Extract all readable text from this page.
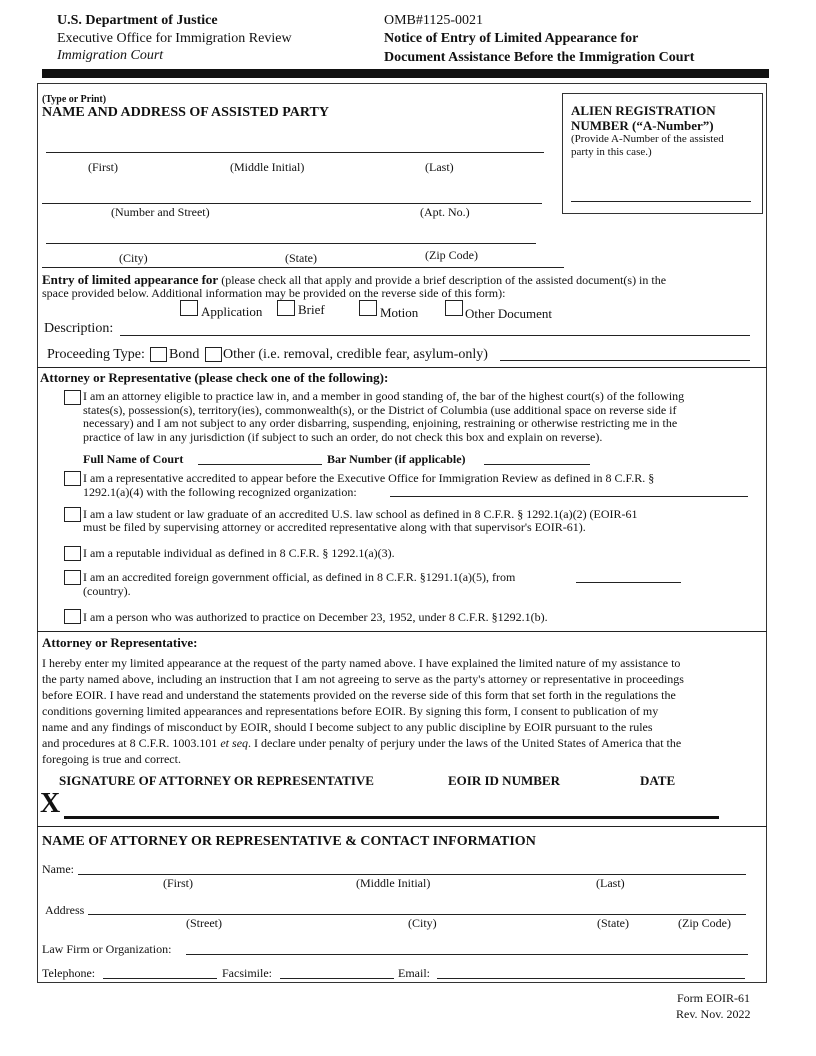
U.S. Department of Justice
Executive Office for Immigration Review
Immigration Court
OMB#1125-0021
Notice of Entry of Limited Appearance for
Document Assistance Before the Immigration Court
(Type or Print)
NAME AND ADDRESS OF ASSISTED PARTY
(First)	(Middle Initial)	(Last)
(Number and Street)	(Apt. No.)
(City)	(State)	(Zip Code)
ALIEN REGISTRATION
NUMBER (“A-Number”)
(Provide A-Number of the assisted
party in this case.)
Entry of limited appearance for (please check all that apply and provide a brief description of the assisted document(s) in the
space provided below. Additional information may be provided on the reverse side of this form):
Application	Brief	Motion	Other Document
Description:
Proceeding Type: Bond Other (i.e. removal, credible fear, asylum-only)
Attorney or Representative (please check one of the following):
I am an attorney eligible to practice law in, and a member in good standing of, the bar of the highest court(s) of the following
states(s), possession(s), territory(ies), commonwealth(s), or the District of Columbia (use additional space on reverse side if
necessary) and I am not subject to any order disbarring, suspending, enjoining, restraining or otherwise restricting me in the
practice of law in any jurisdiction (if subject to such an order, do not check this box and explain on reverse).
Full Name of Court	Bar Number (if applicable)
I am a representative accredited to appear before the Executive Office for Immigration Review as defined in 8 C.F.R. §
1292.1(a)(4) with the following recognized organization:
I am a law student or law graduate of an accredited U.S. law school as defined in 8 C.F.R. § 1292.1(a)(2) (EOIR-61
must be filed by supervising attorney or accredited representative along with that supervisor's EOIR-61).
I am a reputable individual as defined in 8 C.F.R. § 1292.1(a)(3).
I am an accredited foreign government official, as defined in 8 C.F.R. §1291.1(a)(5), from
(country).
I am a person who was authorized to practice on December 23, 1952, under 8 C.F.R. §1292.1(b).
Attorney or Representative:
I hereby enter my limited appearance at the request of the party named above. I have explained the limited nature of my assistance to
the party named above, including an instruction that I am not agreeing to serve as the party's attorney or representative in proceedings
before EOIR. I have read and understand the statements provided on the reverse side of this form that set forth in the regulations the
conditions governing limited appearances and representations before EOIR. By signing this form, I consent to publication of my
name and any findings of misconduct by EOIR, should I become subject to any public discipline by EOIR pursuant to the rules
and procedures at 8 C.F.R. 1003.101 et seq. I declare under penalty of perjury under the laws of the United States of America that the
foregoing is true and correct.
SIGNATURE OF ATTORNEY OR REPRESENTATIVE	EOIR ID NUMBER	DATE
X
NAME OF ATTORNEY OR REPRESENTATIVE & CONTACT INFORMATION
Name:
(First)	(Middle Initial)	(Last)
Address
(Street)	(City)	(State)	(Zip Code)
Law Firm or Organization:
Telephone:	Facsimile:	Email:
Form EOIR-61
Rev. Nov. 2022
